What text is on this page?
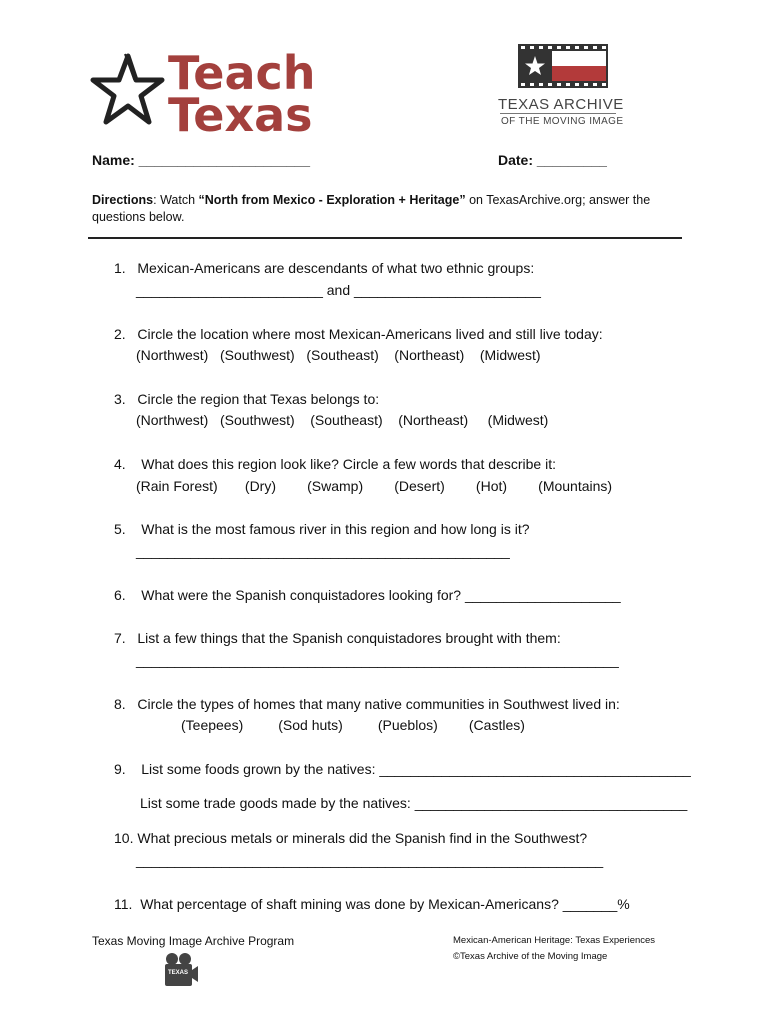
Teach
Texas	TEXAS ARCHIVE
OF THE MOVING IMAGE
Name: ______________________	Date: _________
Directions: Watch “North from Mexico - Exploration + Heritage” on TexasArchive.org; answer the questions below.
1.   Mexican-Americans are descendants of what two ethnic groups:
________________________ and ________________________
2.   Circle the location where most Mexican-Americans lived and still live today:
(Northwest)   (Southwest)   (Southeast)    (Northeast)    (Midwest)
3.   Circle the region that Texas belongs to:
(Northwest)   (Southwest)    (Southeast)    (Northeast)     (Midwest)
4.    What does this region look like? Circle a few words that describe it:
(Rain Forest)       (Dry)        (Swamp)        (Desert)        (Hot)        (Mountains)
5.    What is the most famous river in this region and how long is it?
________________________________________________
6.    What were the Spanish conquistadores looking for? ____________________
7.   List a few things that the Spanish conquistadores brought with them:
______________________________________________________________
8.   Circle the types of homes that many native communities in Southwest lived in:
(Teepees)         (Sod huts)         (Pueblos)        (Castles)
9.    List some foods grown by the natives: ________________________________________
List some trade goods made by the natives: ___________________________________
10. What precious metals or minerals did the Spanish find in the Southwest?
____________________________________________________________
11.  What percentage of shaft mining was done by Mexican-Americans? _______%
Texas Moving Image Archive Program	Mexican-American Heritage: Texas Experiences
©Texas Archive of the Moving Image
TEXAS
